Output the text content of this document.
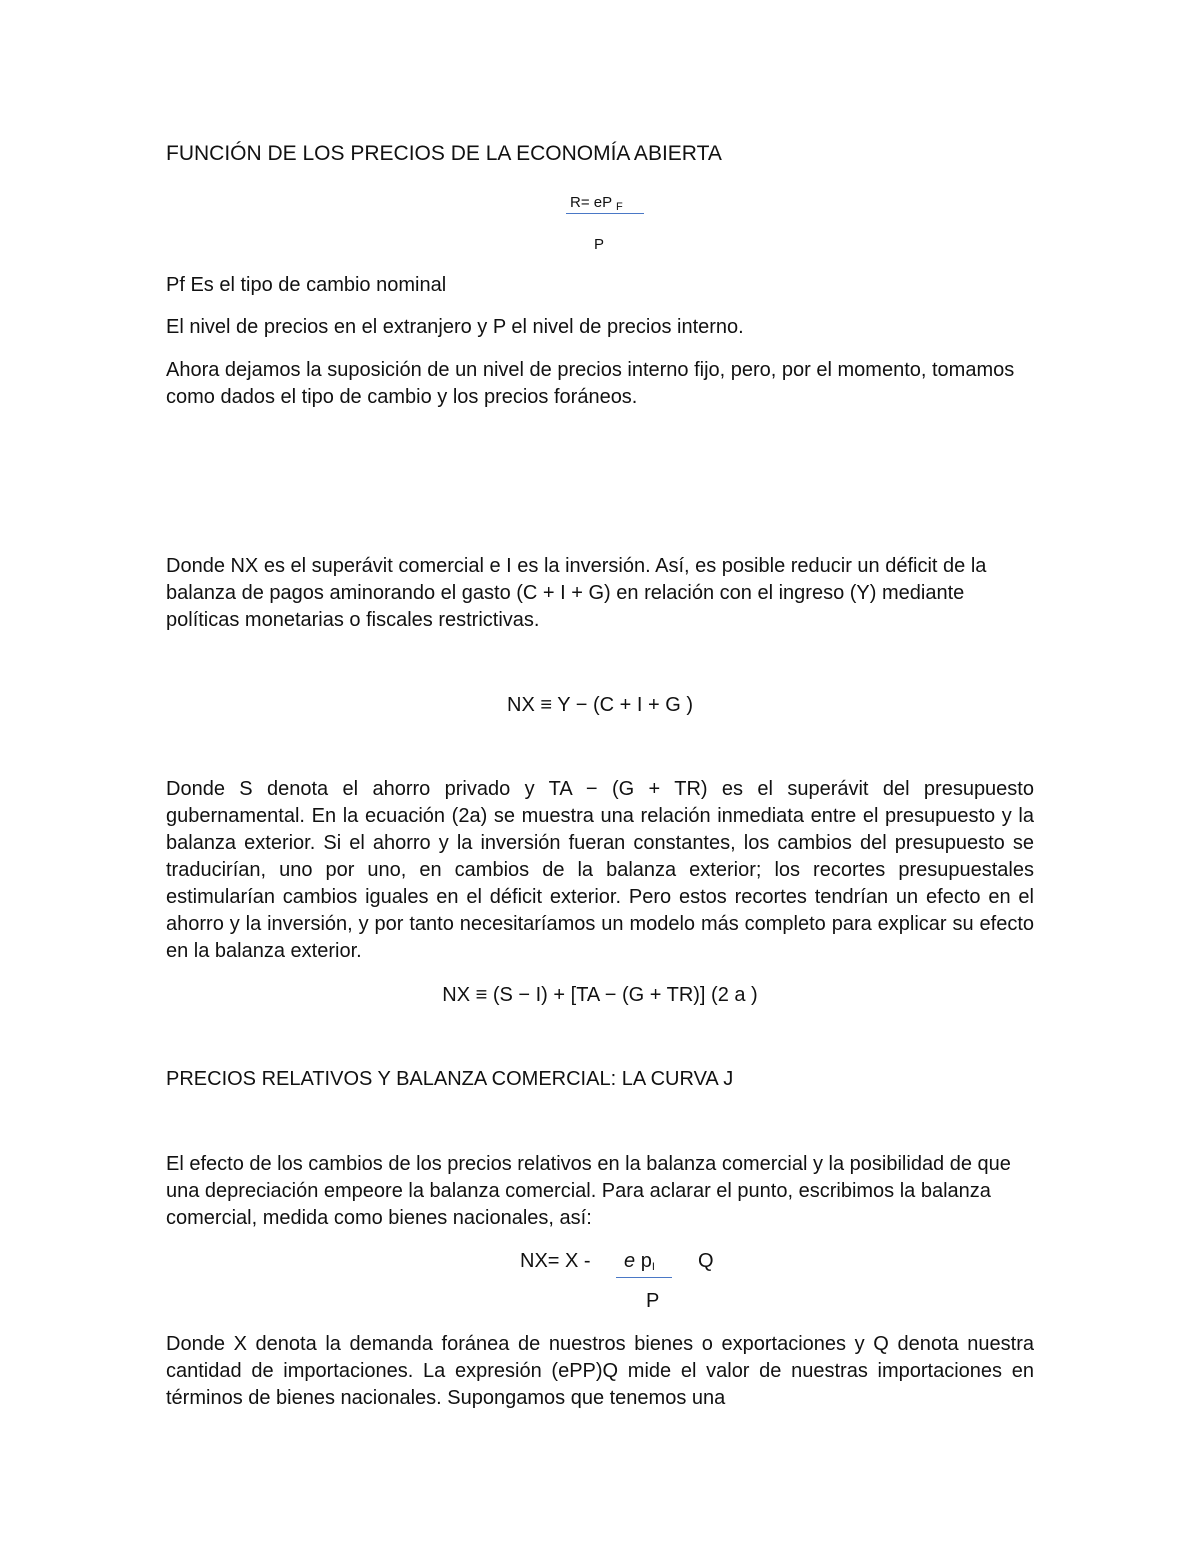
FUNCIÓN DE LOS PRECIOS DE LA ECONOMÍA ABIERTA
R= eP $_F$
P
Pf Es el tipo de cambio nominal
El nivel de precios en el extranjero y P el nivel de precios interno.
Ahora dejamos la suposición de un nivel de precios interno fijo, pero, por el momento, tomamos como dados el tipo de cambio y los precios foráneos.
Donde NX es el superávit comercial e I es la inversión. Así, es posible reducir un déficit de la balanza de pagos aminorando el gasto (C + I + G) en relación con el ingreso (Y) mediante políticas monetarias o fiscales restrictivas.
NX ≡ Y − (C + I + G )
Donde S denota el ahorro privado y TA − (G + TR) es el superávit del presupuesto gubernamental. En la ecuación (2a) se muestra una relación inmediata entre el presupuesto y la balanza exterior. Si el ahorro y la inversión fueran constantes, los cambios del presupuesto se traducirían, uno por uno, en cambios de la balanza exterior; los recortes presupuestales estimularían cambios iguales en el déficit exterior. Pero estos recortes tendrían un efecto en el ahorro y la inversión, y por tanto necesitaríamos un modelo más completo para explicar su efecto en la balanza exterior.
NX ≡ (S − I) + [TA − (G + TR)] (2 a )
PRECIOS RELATIVOS Y BALANZA COMERCIAL: LA CURVA J
El efecto de los cambios de los precios relativos en la balanza comercial y la posibilidad de que una depreciación empeore la balanza comercial. Para aclarar el punto, escribimos la balanza comercial, medida como bienes nacionales, así:
NX= X - e $p_I$ Q
P
Donde X denota la demanda foránea de nuestros bienes o exportaciones y Q denota nuestra cantidad de importaciones. La expresión (ePP)Q mide el valor de nuestras importaciones en términos de bienes nacionales. Supongamos que tenemos una
